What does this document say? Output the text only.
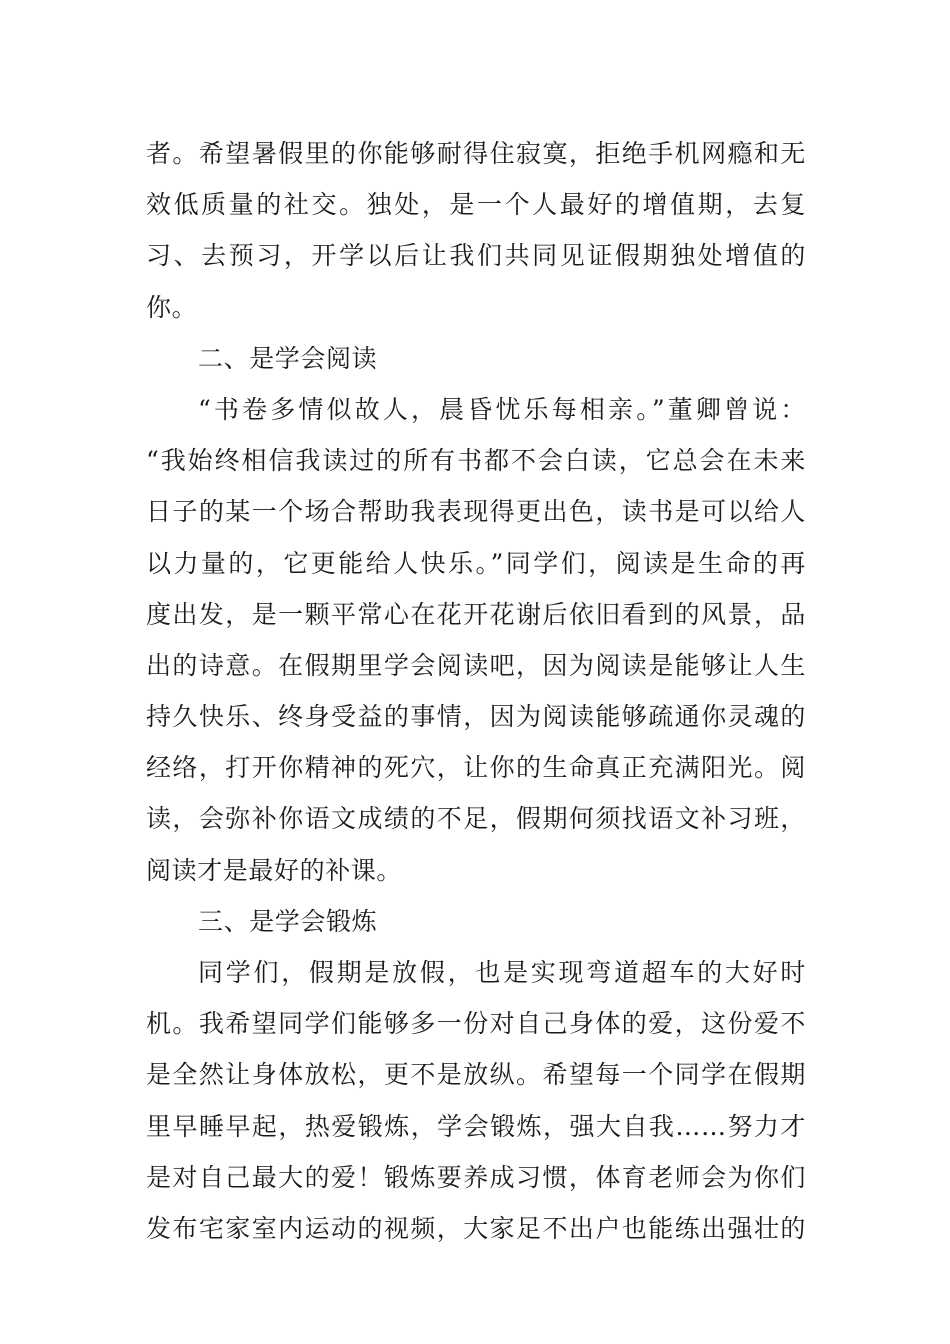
者。希望暑假里的你能够耐得住寂寞，拒绝手机网瘾和无
效低质量的社交。独处，是一个人最好的增值期，去复
习、去预习，开学以后让我们共同见证假期独处增值的
你。
二、是学会阅读
“书卷多情似故人，晨昏忧乐每相亲。”董卿曾说：
“我始终相信我读过的所有书都不会白读，它总会在未来
日子的某一个场合帮助我表现得更出色，读书是可以给人
以力量的，它更能给人快乐。”同学们，阅读是生命的再
度出发，是一颗平常心在花开花谢后依旧看到的风景，品
出的诗意。在假期里学会阅读吧，因为阅读是能够让人生
持久快乐、终身受益的事情，因为阅读能够疏通你灵魂的
经络，打开你精神的死穴，让你的生命真正充满阳光。阅
读，会弥补你语文成绩的不足，假期何须找语文补习班，
阅读才是最好的补课。
三、是学会锻炼
同学们，假期是放假，也是实现弯道超车的大好时
机。我希望同学们能够多一份对自己身体的爱，这份爱不
是全然让身体放松，更不是放纵。希望每一个同学在假期
里早睡早起，热爱锻炼，学会锻炼，强大自我……努力才
是对自己最大的爱！锻炼要养成习惯，体育老师会为你们
发布宅家室内运动的视频，大家足不出户也能练出强壮的
